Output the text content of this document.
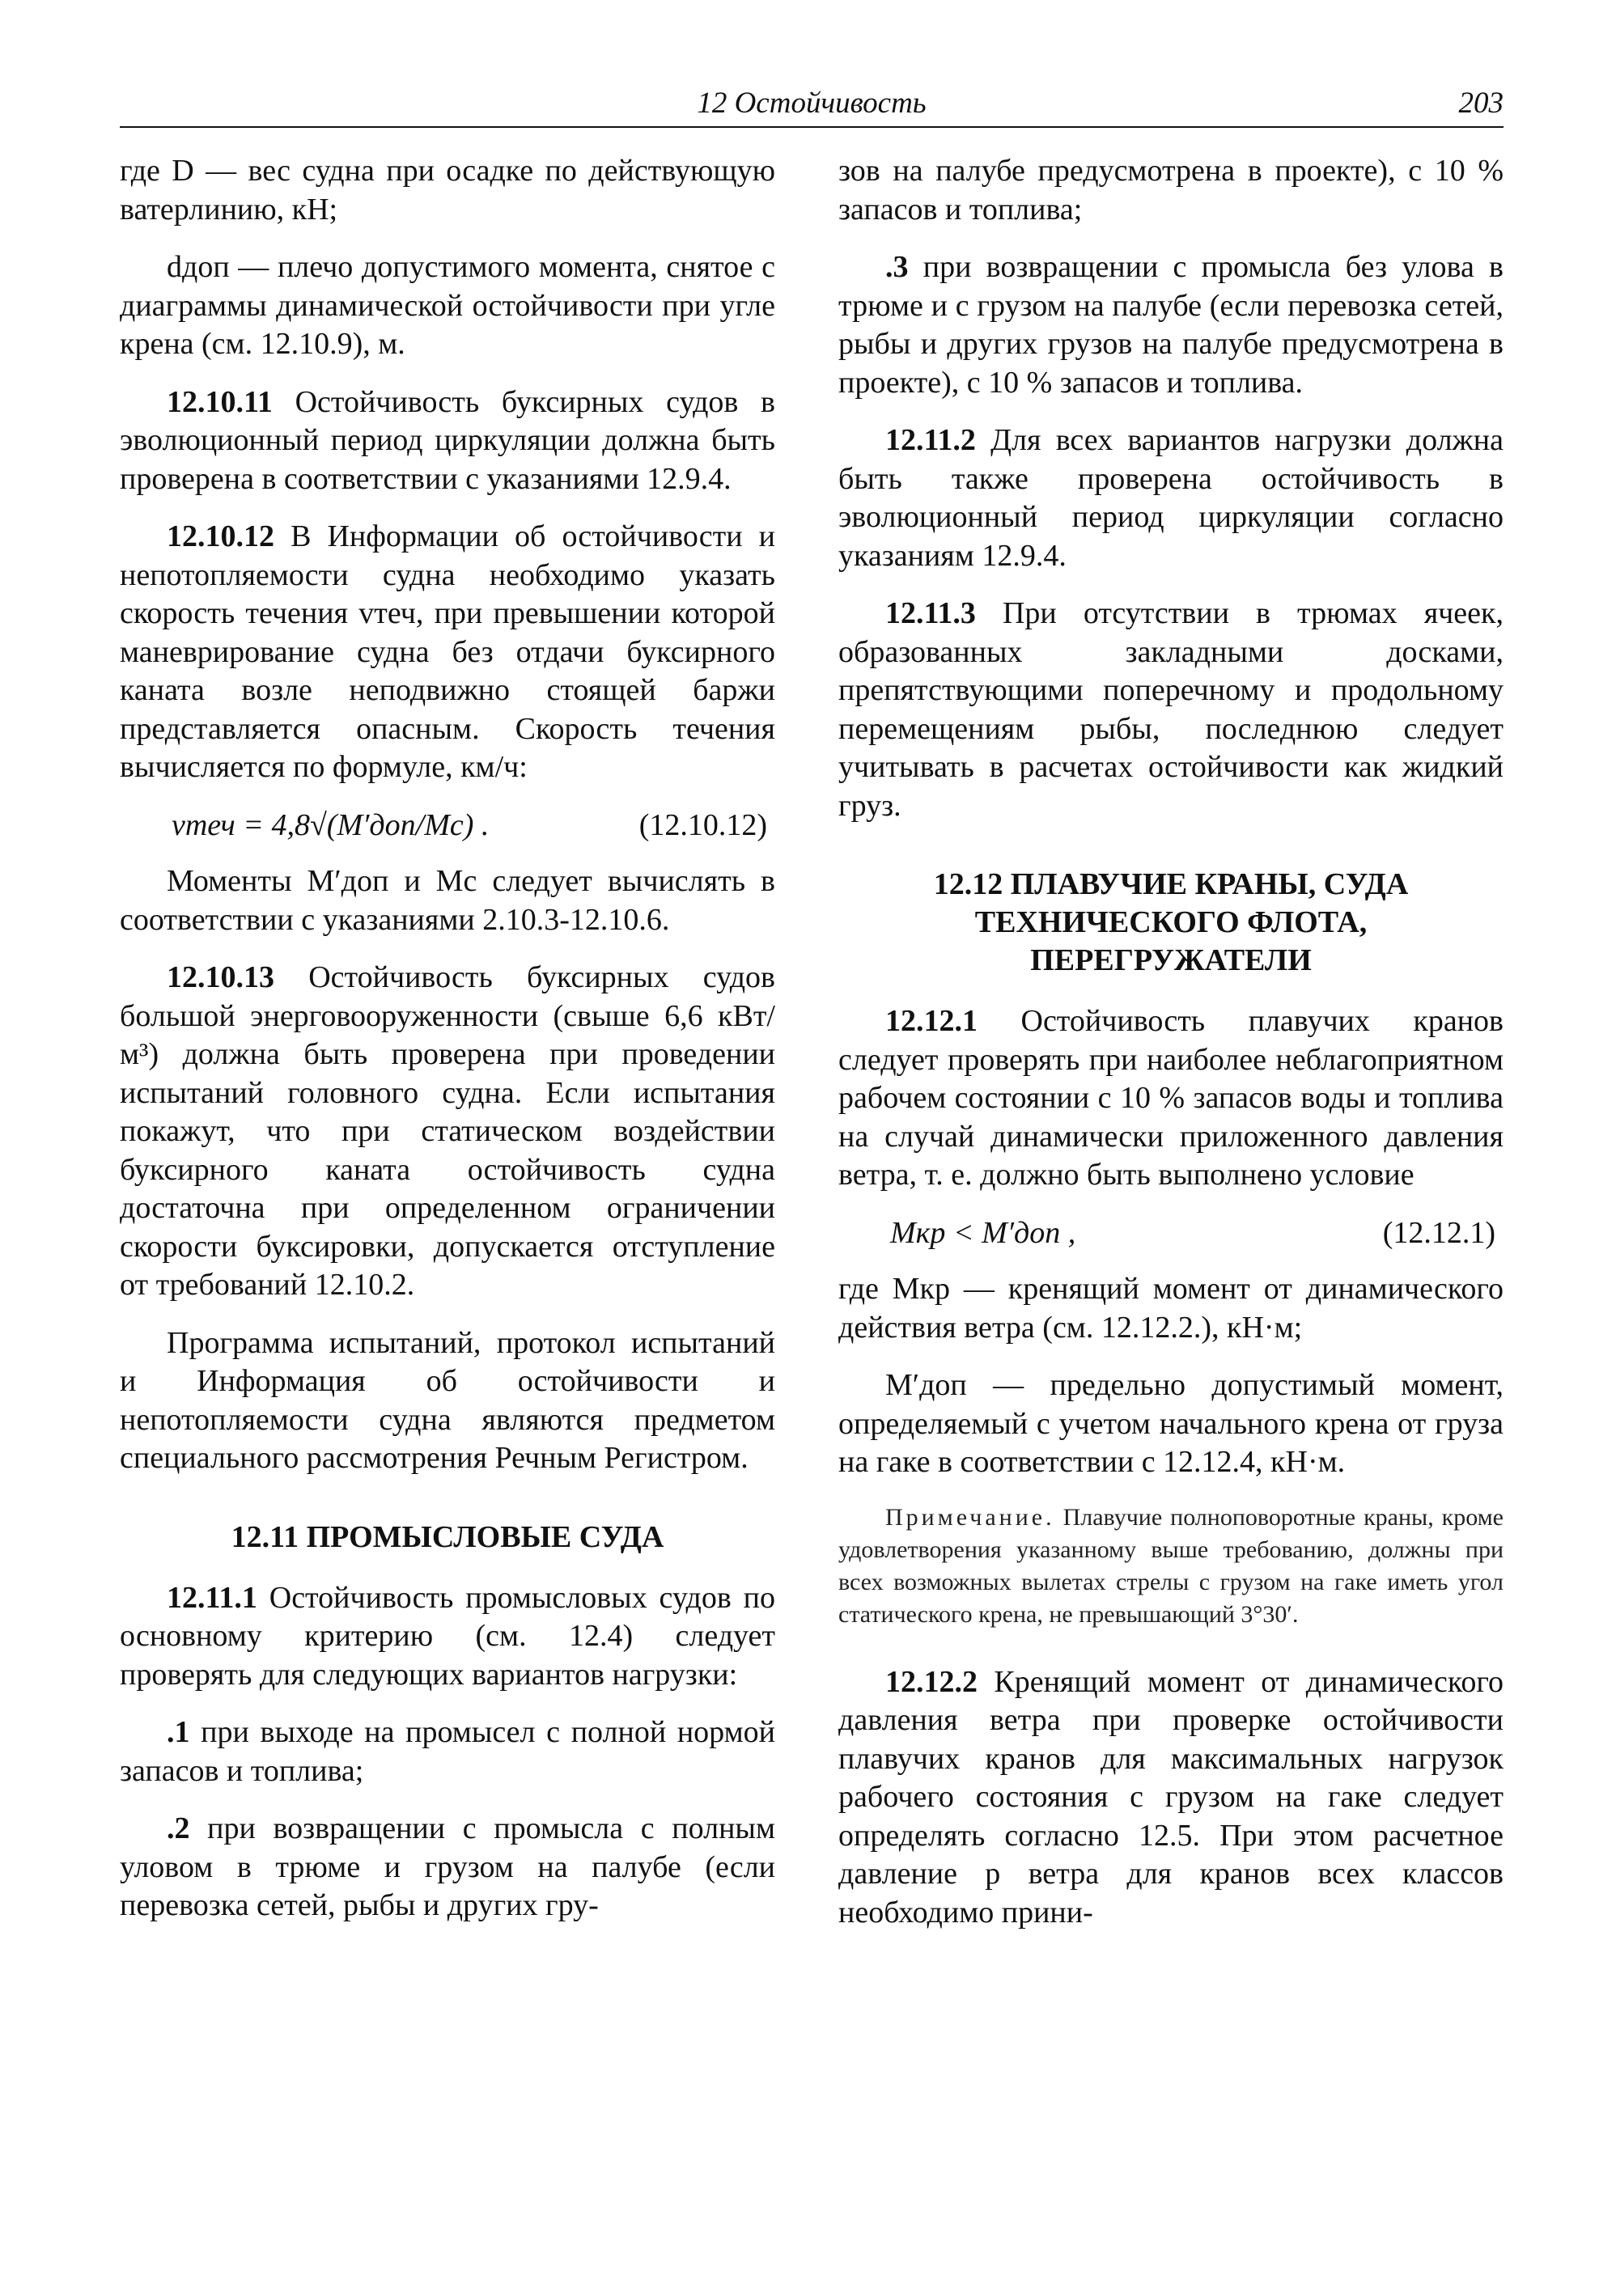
12 Остойчивость	203

где D — вес судна при осадке по действующую ватерлинию, кН;

dдоп — плечо допустимого момента, снятое с диаграммы динамической остойчивости при угле крена (см. 12.10.9), м.

12.10.11 Остойчивость буксирных судов в эволюционный период циркуляции должна быть проверена в соответствии с указаниями 12.9.4.

12.10.12 В Информации об остойчивости и непотопляемости судна необходимо указать скорость течения vтеч, при превышении которой маневрирование судна без отдачи буксирного каната возле неподвижно стоящей баржи представляется опасным. Скорость течения вычисляется по формуле, км/ч:

vтеч = 4,8√(M′доп/Mс) .	(12.10.12)

Моменты M′доп и Mс следует вычислять в соответствии с указаниями 2.10.3-12.10.6.

12.10.13 Остойчивость буксирных судов большой энерговооруженности (свыше 6,6 кВт/м³) должна быть проверена при проведении испытаний головного судна. Если испытания покажут, что при статическом воздействии буксирного каната остойчивость судна достаточна при определенном ограничении скорости буксировки, допускается отступление от требований 12.10.2.

Программа испытаний, протокол испытаний и Информация об остойчивости и непотопляемости судна являются предметом специального рассмотрения Речным Регистром.

12.11 ПРОМЫСЛОВЫЕ СУДА

12.11.1 Остойчивость промысловых судов по основному критерию (см. 12.4) следует проверять для следующих вариантов нагрузки:

.1 при выходе на промысел с полной нормой запасов и топлива;

.2 при возвращении с промысла с полным уловом в трюме и грузом на палубе (если перевозка сетей, рыбы и других гру-

зов на палубе предусмотрена в проекте), с 10 % запасов и топлива;

.3 при возвращении с промысла без улова в трюме и с грузом на палубе (если перевозка сетей, рыбы и других грузов на палубе предусмотрена в проекте), с 10 % запасов и топлива.

12.11.2 Для всех вариантов нагрузки должна быть также проверена остойчивость в эволюционный период циркуляции согласно указаниям 12.9.4.

12.11.3 При отсутствии в трюмах ячеек, образованных закладными досками, препятствующими поперечному и продольному перемещениям рыбы, последнюю следует учитывать в расчетах остойчивости как жидкий груз.

12.12 ПЛАВУЧИЕ КРАНЫ, СУДА ТЕХНИЧЕСКОГО ФЛОТА, ПЕРЕГРУЖАТЕЛИ

12.12.1 Остойчивость плавучих кранов следует проверять при наиболее неблагоприятном рабочем состоянии с 10 % запасов воды и топлива на случай динамически приложенного давления ветра, т. е. должно быть выполнено условие

Mкр < M′доп ,	(12.12.1)

где Mкр — кренящий момент от динамического действия ветра (см. 12.12.2.), кН·м;

M′доп — предельно допустимый момент, определяемый с учетом начального крена от груза на гаке в соответствии с 12.12.4, кН·м.

Примечание. Плавучие полноповоротные краны, кроме удовлетворения указанному выше требованию, должны при всех возможных вылетах стрелы с грузом на гаке иметь угол статического крена, не превышающий 3°30′.

12.12.2 Кренящий момент от динамического давления ветра при проверке остойчивости плавучих кранов для максимальных нагрузок рабочего состояния с грузом на гаке следует определять согласно 12.5. При этом расчетное давление p ветра для кранов всех классов необходимо прини-
